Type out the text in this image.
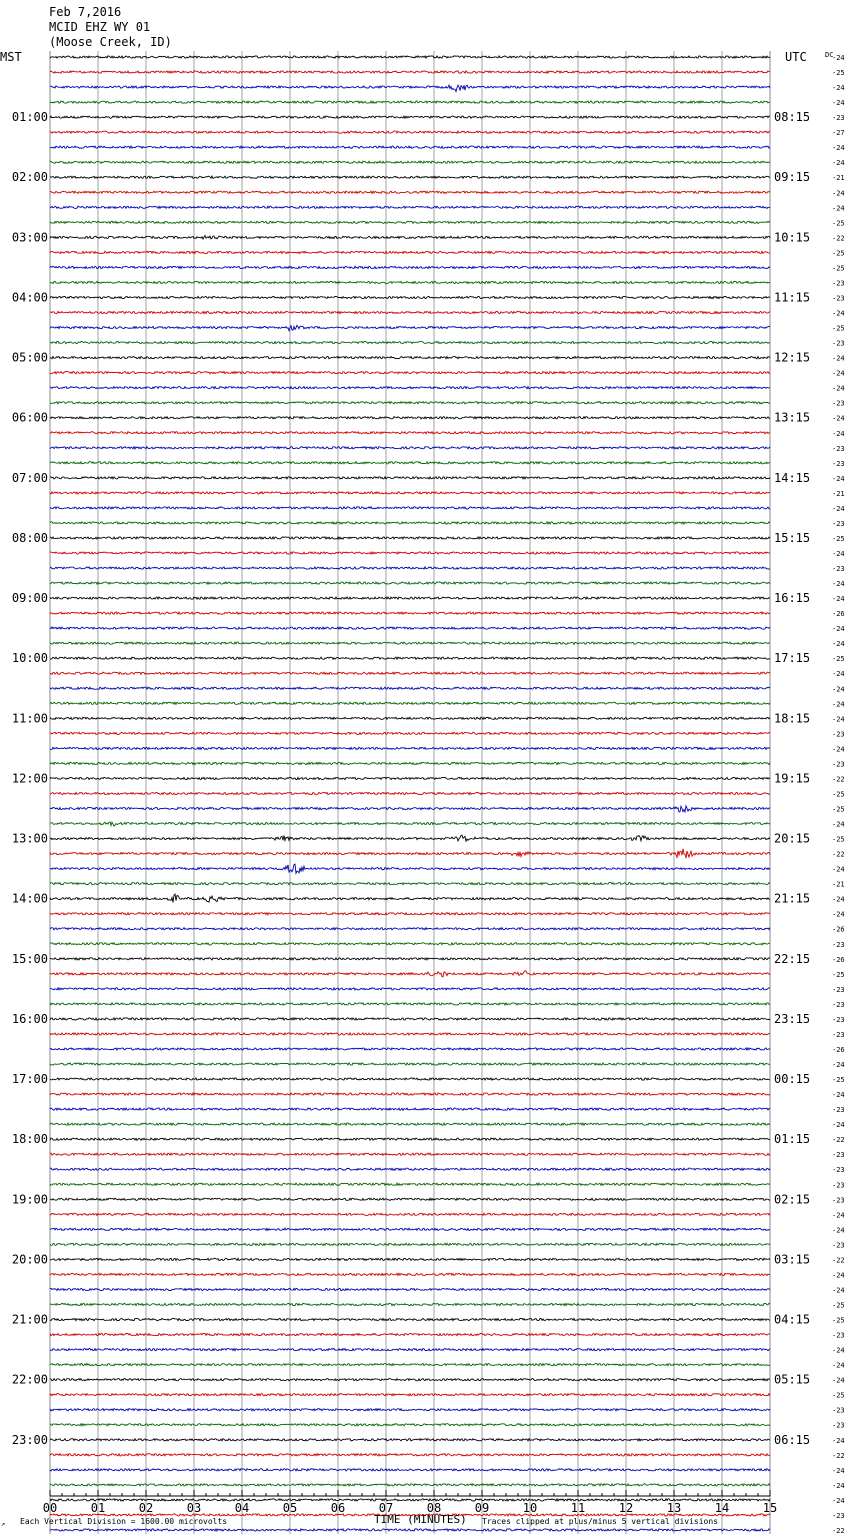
Feb 7,2016
MCID EHZ WY 01
(Moose Creek, ID)
MST	UTC	DC
01:00
02:00
03:00
04:00
05:00
06:00
07:00
08:00
09:00
10:00
11:00
12:00
13:00
14:00
15:00
16:00
17:00
18:00
19:00
20:00
21:00
22:00
23:00
08:15
09:15
10:15
11:15
12:15
13:15
14:15
15:15
16:15
17:15
18:15
19:15
20:15
21:15
22:15
23:15
00:15
01:15
02:15
03:15
04:15
05:15
06:15
-24
-25
-24
-24
-23
-27
-24
-24
-21
-24
-24
-25
-22
-25
-25
-23
-23
-24
-25
-23
-24
-24
-24
-23
-24
-24
-23
-23
-24
-21
-24
-23
-25
-24
-23
-24
-24
-26
-24
-24
-25
-24
-24
-24
-24
-23
-24
-23
-22
-25
-25
-24
-25
-22
-24
-21
-24
-24
-26
-23
-26
-25
-23
-23
-23
-23
-26
-24
-25
-24
-23
-24
-22
-23
-23
-23
-23
-24
-24
-23
-22
-24
-24
-25
-25
-23
-24
-24
-24
-25
-23
-23
-24
-22
-24
-24
-24
-23
-22
00	01	02	03	04	05	06	07	08	09	10	11	12	13	14	15
TIME (MINUTES)
↗ Each Vertical Division = 1600.00 microvolts	Traces clipped at plus/minus 5 vertical divisions
